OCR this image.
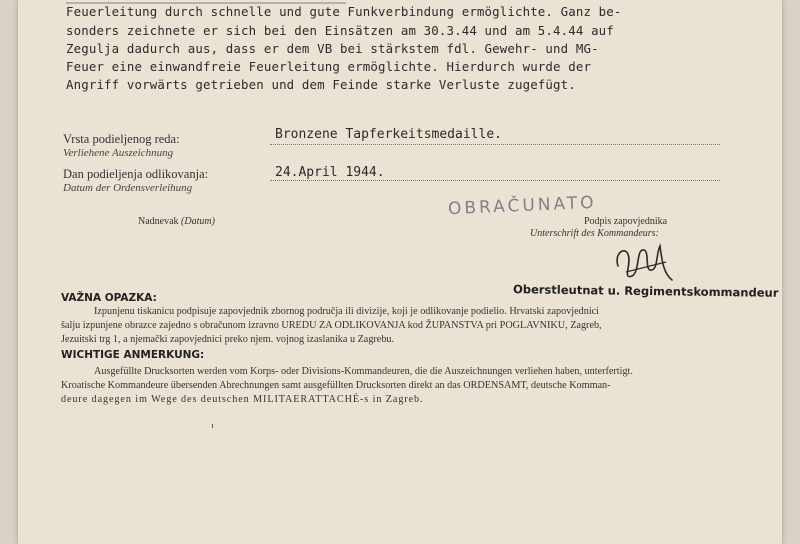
Feuerleitung durch schnelle und gute Funkverbindung ermöglichte. Ganz be-
sonders zeichnete er sich bei den Einsätzen am 30.3.44 und am 5.4.44 auf
Zegulja dadurch aus, dass er dem VB bei stärkstem fdl. Gewehr- und MG-
Feuer eine einwandfreie Feuerleitung ermöglichte. Hierdurch wurde der
Angriff vorwärts getrieben und dem Feinde starke Verluste zugefügt.
Vrsta podieljenog reda:
Verliehene Auszeichnung
Bronzene Tapferkeitsmedaille.
Dan podieljenja odlikovanja:
Datum der Ordensverleihung
24.April 1944.
Nadnevak (Datum)
OBRAČUNATO
Podpis zapovjednika
Unterschrift des Kommandeurs:
Oberstleutnat u. Regimentskommandeur
VAŽNA OPAZKA:
Izpunjenu tiskanicu podpisuje zapovjednik zbornog područja ili divizije, koji je odlikovanje podielio. Hrvatski zapovjednici
šalju izpunjene obrazce zajedno s obračunom izravno UREDU ZA ODLIKOVANJA kod ŽUPANSTVA pri POGLAVNIKU, Zagreb,
Jezuitski trg 1, a njemački zapovjednici preko njem. vojnog izaslanika u Zagrebu.
WICHTIGE ANMERKUNG:
Ausgefüllte Drucksorten werden vom Korps- oder Divisions-Kommandeuren, die die Auszeichnungen verliehen haben, unterfertigt.
Kroatische Kommandeure übersenden Abrechnungen samt ausgefüllten Drucksorten direkt an das ORDENSAMT, deutsche Komman-
deure dagegen im Wege des deutschen MILITAERATTACHÉ-s in Zagreb.
